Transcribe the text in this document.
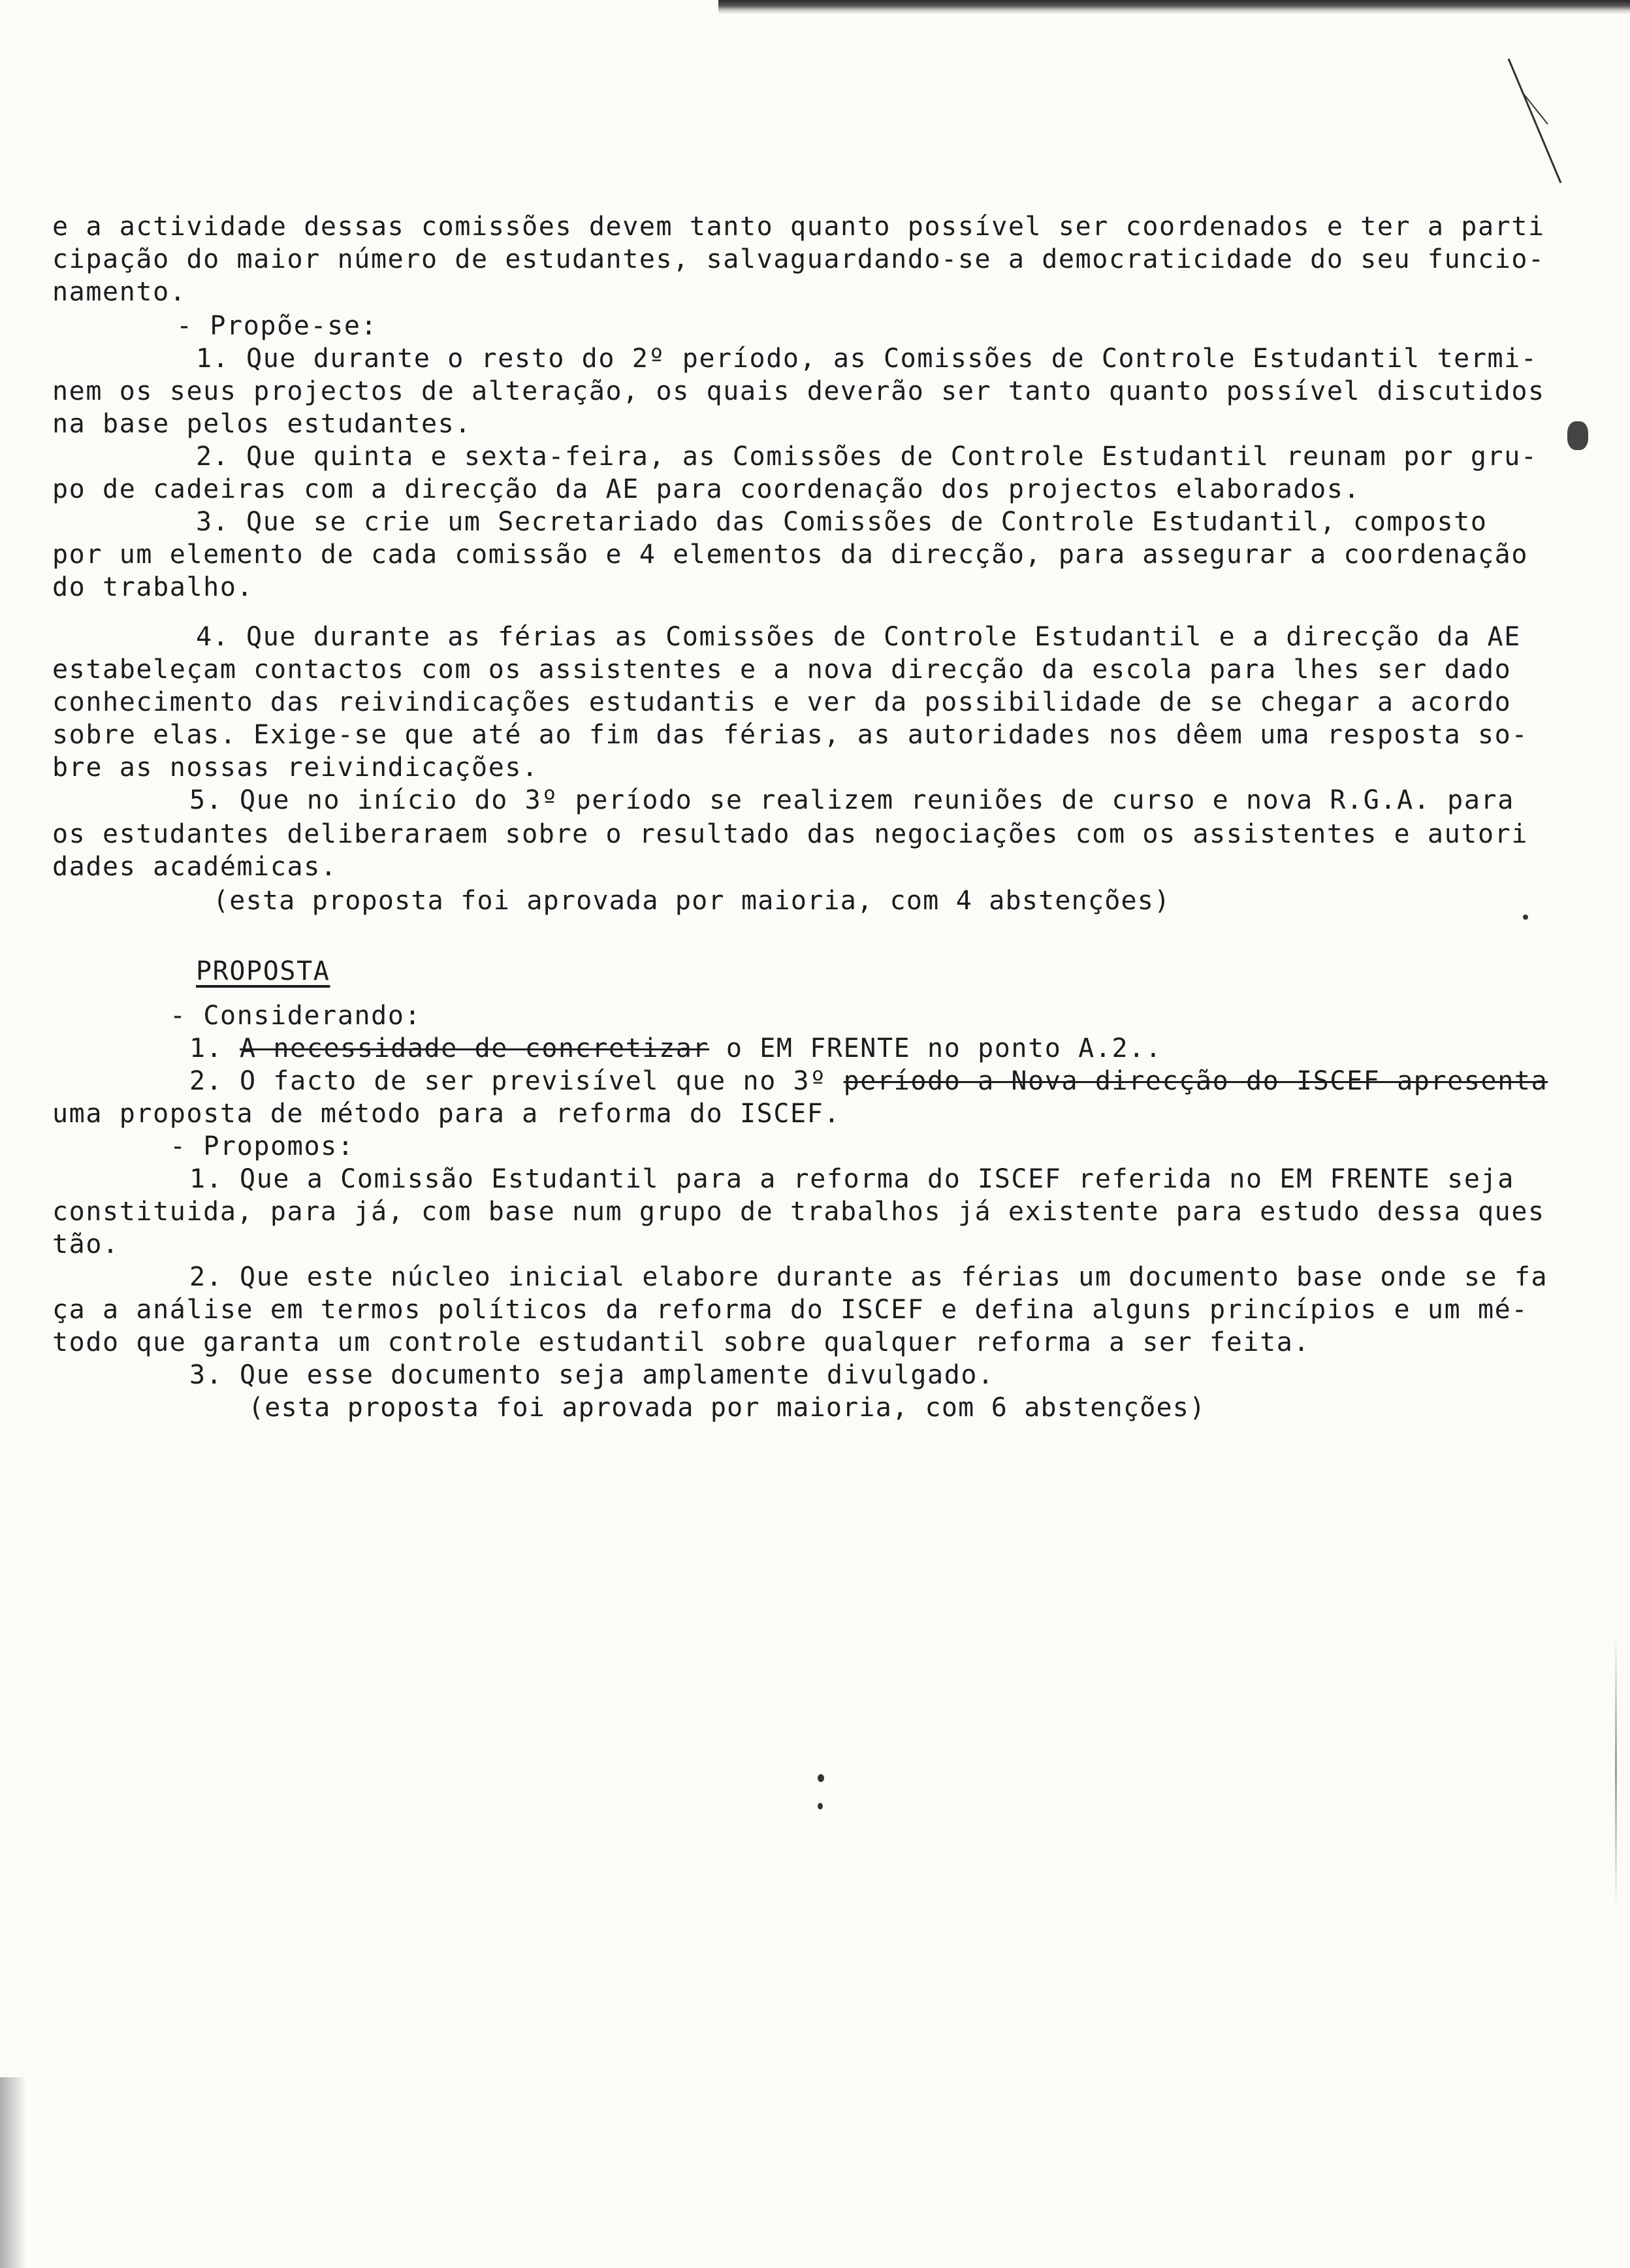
e a actividade dessas comissões devem tanto quanto possível ser coordenados e ter a parti
cipação do maior número de estudantes, salvaguardando-se a democraticidade do seu funcio-
namento.
- Propõe-se:
1. Que durante o resto do 2º período, as Comissões de Controle Estudantil termi-
nem os seus projectos de alteração, os quais deverão ser tanto quanto possível discutidos
na base pelos estudantes.
2. Que quinta e sexta-feira, as Comissões de Controle Estudantil reunam por gru-
po de cadeiras com a direcção da AE para coordenação dos projectos elaborados.
3. Que se crie um Secretariado das Comissões de Controle Estudantil, composto
por um elemento de cada comissão e 4 elementos da direcção, para assegurar a coordenação
do trabalho.
4. Que durante as férias as Comissões de Controle Estudantil e a direcção da AE
estabeleçam contactos com os assistentes e a nova direcção da escola para lhes ser dado
conhecimento das reivindicações estudantis e ver da possibilidade de se chegar a acordo
sobre elas. Exige-se que até ao fim das férias, as autoridades nos dêem uma resposta so-
bre as nossas reivindicações.
5. Que no início do 3º período se realizem reuniões de curso e nova R.G.A. para
os estudantes deliberaraem sobre o resultado das negociações com os assistentes e autori
dades académicas.
(esta proposta foi aprovada por maioria, com 4 abstenções)
PROPOSTA
- Considerando:
1. A necessidade de concretizar o EM FRENTE no ponto A.2..
2. O facto de ser previsível que no 3º período a Nova direcção do ISCEF apresenta
uma proposta de método para a reforma do ISCEF.
- Propomos:
1. Que a Comissão Estudantil para a reforma do ISCEF referida no EM FRENTE seja
constituida, para já, com base num grupo de trabalhos já existente para estudo dessa ques
tão.
2. Que este núcleo inicial elabore durante as férias um documento base onde se fa
ça a análise em termos políticos da reforma do ISCEF e defina alguns princípios e um mé-
todo que garanta um controle estudantil sobre qualquer reforma a ser feita.
3. Que esse documento seja amplamente divulgado.
(esta proposta foi aprovada por maioria, com 6 abstenções)
